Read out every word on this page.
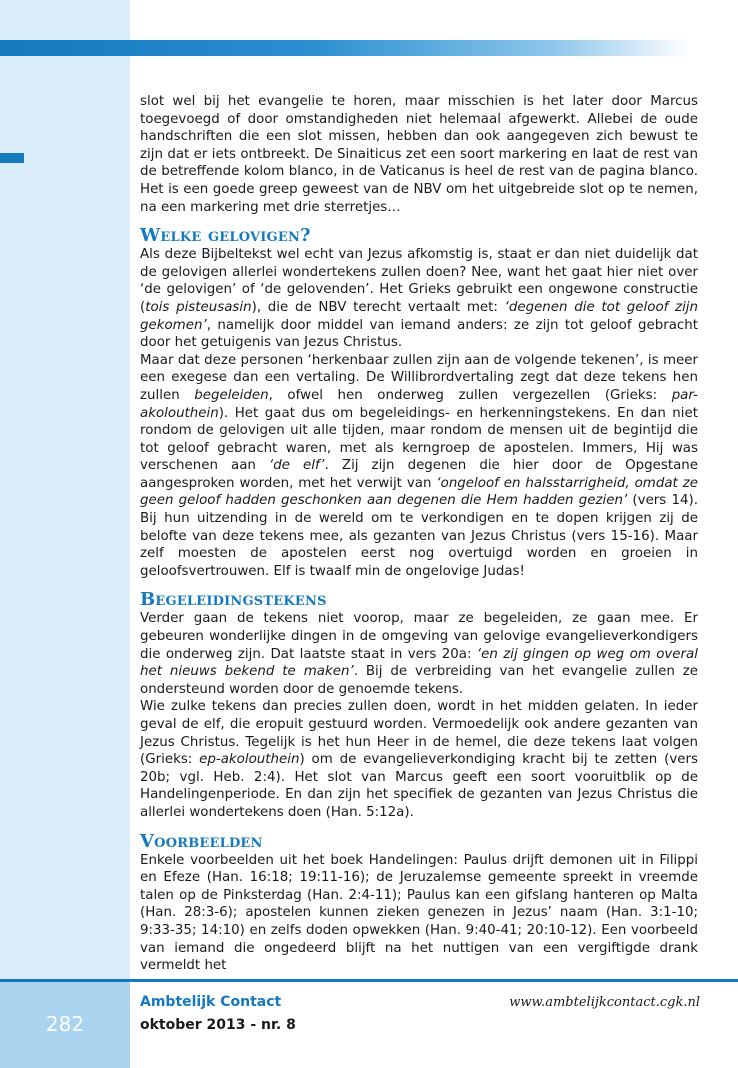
slot wel bij het evangelie te horen, maar misschien is het later door Marcus toegevoegd of door omstandigheden niet helemaal afgewerkt. Allebei de oude handschriften die een slot missen, hebben dan ook aangegeven zich bewust te zijn dat er iets ontbreekt. De Sinaiticus zet een soort markering en laat de rest van de betreffende kolom blanco, in de Vaticanus is heel de rest van de pagina blanco. Het is een goede greep geweest van de NBV om het uitgebreide slot op te nemen, na een markering met drie sterretjes…

Welke gelovigen?

Als deze Bijbeltekst wel echt van Jezus afkomstig is, staat er dan niet duidelijk dat de gelovigen allerlei wondertekens zullen doen? Nee, want het gaat hier niet over ‘de gelovigen’ of ‘de gelovenden’. Het Grieks gebruikt een ongewone constructie (tois pisteusasin), die de NBV terecht vertaalt met: ‘degenen die tot geloof zijn gekomen’, namelijk door middel van iemand anders: ze zijn tot geloof gebracht door het getuigenis van Jezus Christus.

Maar dat deze personen ‘herkenbaar zullen zijn aan de volgende tekenen’, is meer een exegese dan een vertaling. De Willibrordvertaling zegt dat deze tekens hen zullen begeleiden, ofwel hen onderweg zullen vergezellen (Grieks: par-akolouthein). Het gaat dus om begeleidings- en herkenningstekens. En dan niet rondom de gelovigen uit alle tijden, maar rondom de mensen uit de begintijd die tot geloof gebracht waren, met als kerngroep de apostelen. Immers, Hij was verschenen aan ‘de elf’. Zij zijn degenen die hier door de Opgestane aangesproken worden, met het verwijt van ‘ongeloof en halsstarrigheid, omdat ze geen geloof hadden geschonken aan degenen die Hem hadden gezien’ (vers 14). Bij hun uitzending in de wereld om te verkondigen en te dopen krijgen zij de belofte van deze tekens mee, als gezanten van Jezus Christus (vers 15-16). Maar zelf moesten de apostelen eerst nog overtuigd worden en groeien in geloofsvertrouwen. Elf is twaalf min de ongelovige Judas!

Begeleidingstekens

Verder gaan de tekens niet voorop, maar ze begeleiden, ze gaan mee. Er gebeuren wonderlijke dingen in de omgeving van gelovige evangelieverkondigers die onderweg zijn. Dat laatste staat in vers 20a: ‘en zij gingen op weg om overal het nieuws bekend te maken’. Bij de verbreiding van het evangelie zullen ze ondersteund worden door de genoemde tekens.

Wie zulke tekens dan precies zullen doen, wordt in het midden gelaten. In ieder geval de elf, die eropuit gestuurd worden. Vermoedelijk ook andere gezanten van Jezus Christus. Tegelijk is het hun Heer in de hemel, die deze tekens laat volgen (Grieks: ep-akolouthein) om de evangelieverkondiging kracht bij te zetten (vers 20b; vgl. Heb. 2:4). Het slot van Marcus geeft een soort vooruitblik op de Handelingenperiode. En dan zijn het specifiek de gezanten van Jezus Christus die allerlei wondertekens doen (Han. 5:12a).

Voorbeelden

Enkele voorbeelden uit het boek Handelingen: Paulus drijft demonen uit in Filippi en Efeze (Han. 16:18; 19:11-16); de Jeruzalemse gemeente spreekt in vreemde talen op de Pinksterdag (Han. 2:4-11); Paulus kan een gifslang hanteren op Malta (Han. 28:3-6); apostelen kunnen zieken genezen in Jezus’ naam (Han. 3:1-10; 9:33-35; 14:10) en zelfs doden opwekken (Han. 9:40-41; 20:10-12). Een voorbeeld van iemand die ongedeerd blijft na het nuttigen van een vergiftigde drank vermeldt het

282
Ambtelijk Contact
oktober 2013 - nr. 8
www.ambtelijkcontact.cgk.nl
